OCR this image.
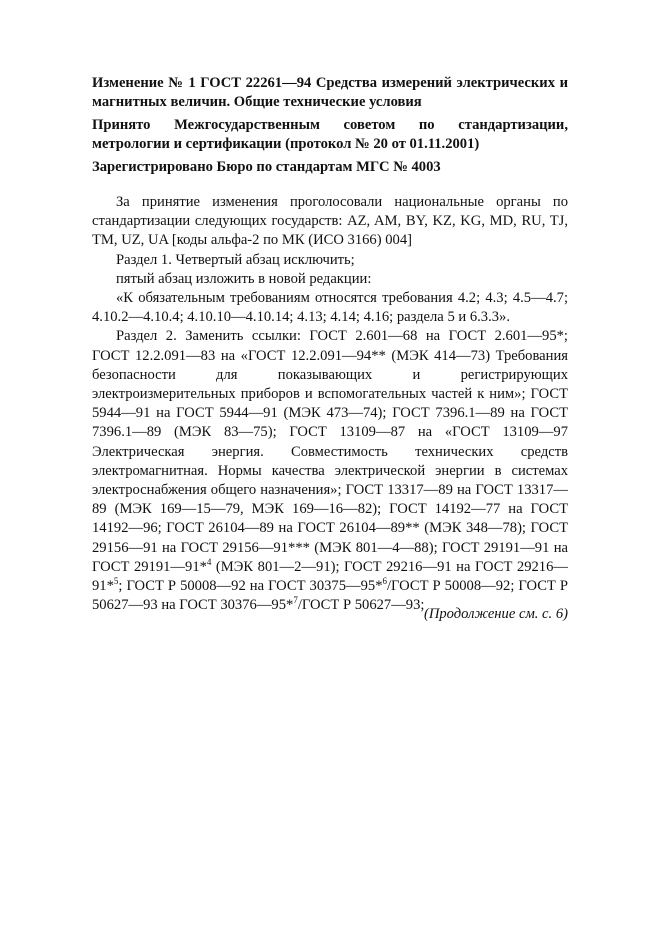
Изменение № 1 ГОСТ 22261—94 Средства измерений электрических и магнитных величин. Общие технические условия
Принято Межгосударственным советом по стандартизации, метрологии и сертификации (протокол № 20 от 01.11.2001)
Зарегистрировано Бюро по стандартам МГС № 4003

За принятие изменения проголосовали национальные органы по стандартизации следующих государств: AZ, AM, BY, KZ, KG, MD, RU, TJ, TM, UZ, UA [коды альфа-2 по МК (ИСО 3166) 004]

Раздел 1. Четвертый абзац исключить;

пятый абзац изложить в новой редакции:

«К обязательным требованиям относятся требования 4.2; 4.3; 4.5—4.7; 4.10.2—4.10.4; 4.10.10—4.10.14; 4.13; 4.14; 4.16; раздела 5 и 6.3.3».

Раздел 2. Заменить ссылки: ГОСТ 2.601—68 на ГОСТ 2.601—95*; ГОСТ 12.2.091—83 на «ГОСТ 12.2.091—94** (МЭК 414—73) Требования безопасности для показывающих и регистрирующих электроизмерительных приборов и вспомогательных частей к ним»; ГОСТ 5944—91 на ГОСТ 5944—91 (МЭК 473—74); ГОСТ 7396.1—89 на ГОСТ 7396.1—89 (МЭК 83—75); ГОСТ 13109—87 на «ГОСТ 13109—97 Электрическая энергия. Совместимость технических средств электромагнитная. Нормы качества электрической энергии в системах электроснабжения общего назначения»; ГОСТ 13317—89 на ГОСТ 13317—89 (МЭК 169—15—79, МЭК 169—16—82); ГОСТ 14192—77 на ГОСТ 14192—96; ГОСТ 26104—89 на ГОСТ 26104—89** (МЭК 348—78); ГОСТ 29156—91 на ГОСТ 29156—91*** (МЭК 801—4—88); ГОСТ 29191—91 на ГОСТ 29191—91*$^4$ (МЭК 801—2—91); ГОСТ 29216—91 на ГОСТ 29216—91*$^5$; ГОСТ Р 50008—92 на ГОСТ 30375—95*$^6$/ГОСТ Р 50008—92; ГОСТ Р 50627—93 на ГОСТ 30376—95*$^7$/ГОСТ Р 50627—93;

(Продолжение см. с. 6)
